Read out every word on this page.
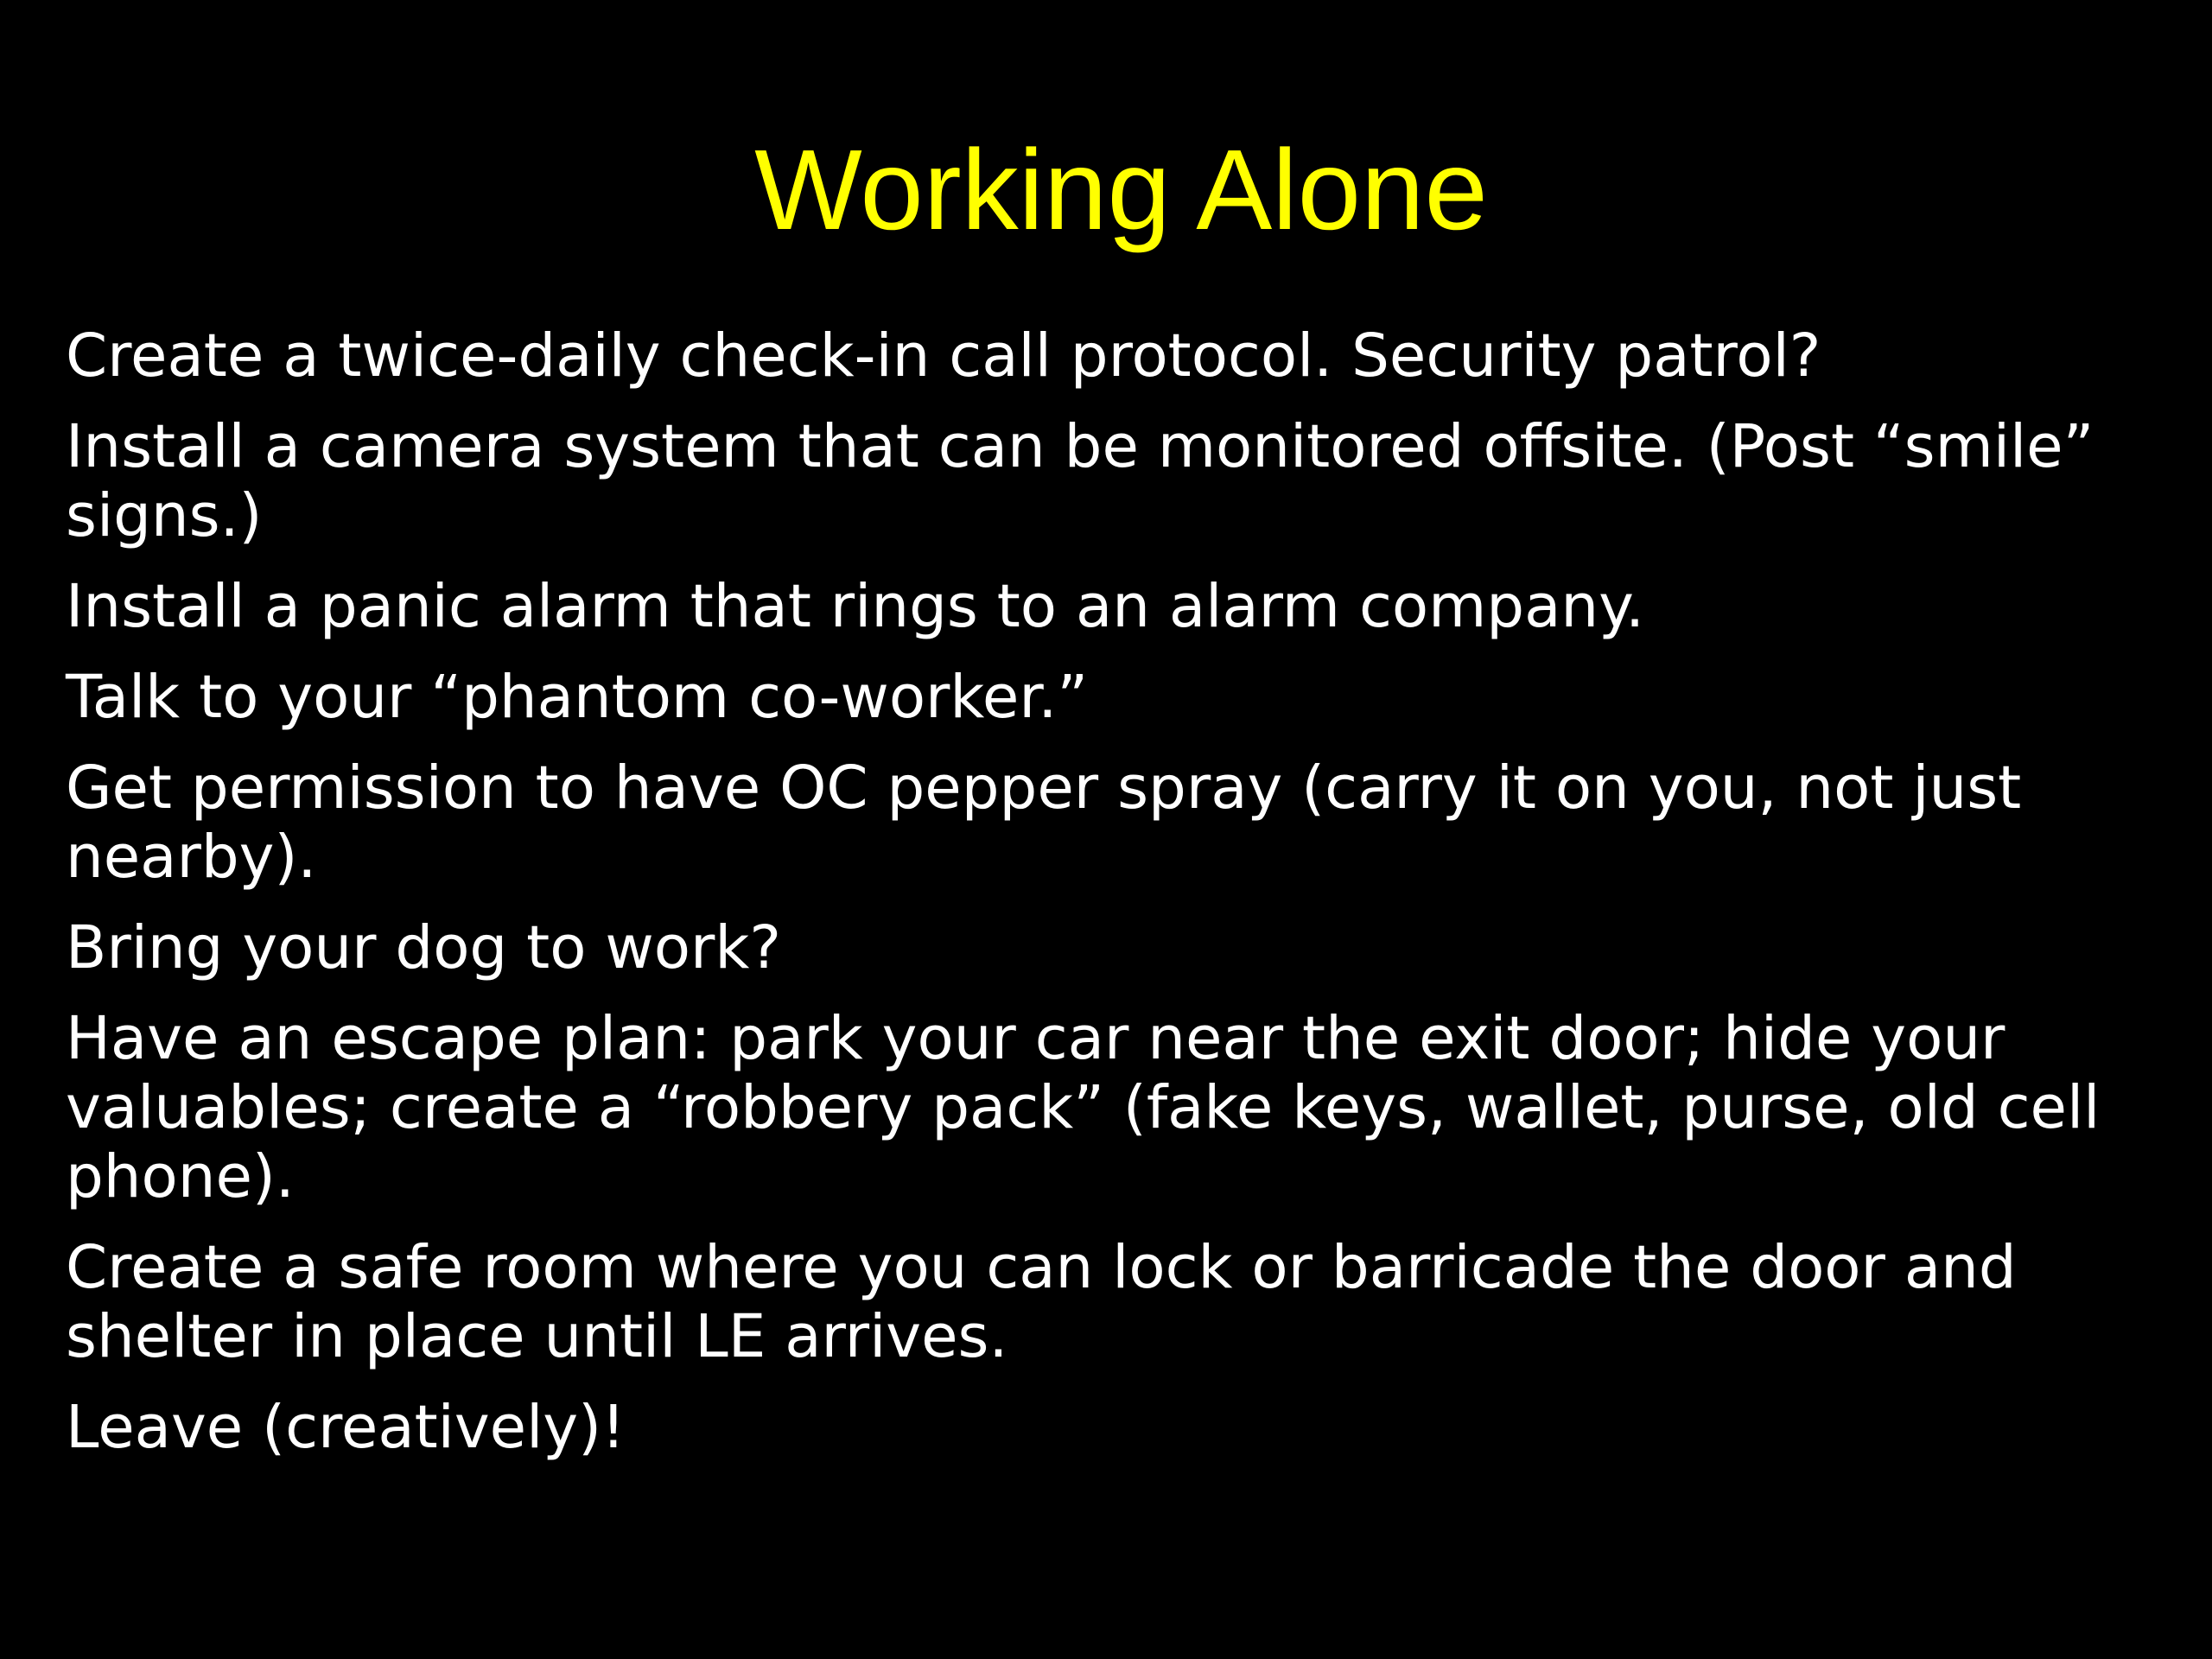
Working Alone
Create a twice-daily check-in call protocol. Security patrol?
Install a camera system that can be monitored offsite. (Post “smile” signs.)
Install a panic alarm that rings to an alarm company.
Talk to your “phantom co-worker.”
Get permission to have OC pepper spray (carry it on you, not just nearby).
Bring your dog to work?
Have an escape plan: park your car near the exit door; hide your valuables; create a “robbery pack” (fake keys, wallet, purse, old cell phone).
Create a safe room where you can lock or barricade the door and shelter in place until LE arrives.
Leave (creatively)!
